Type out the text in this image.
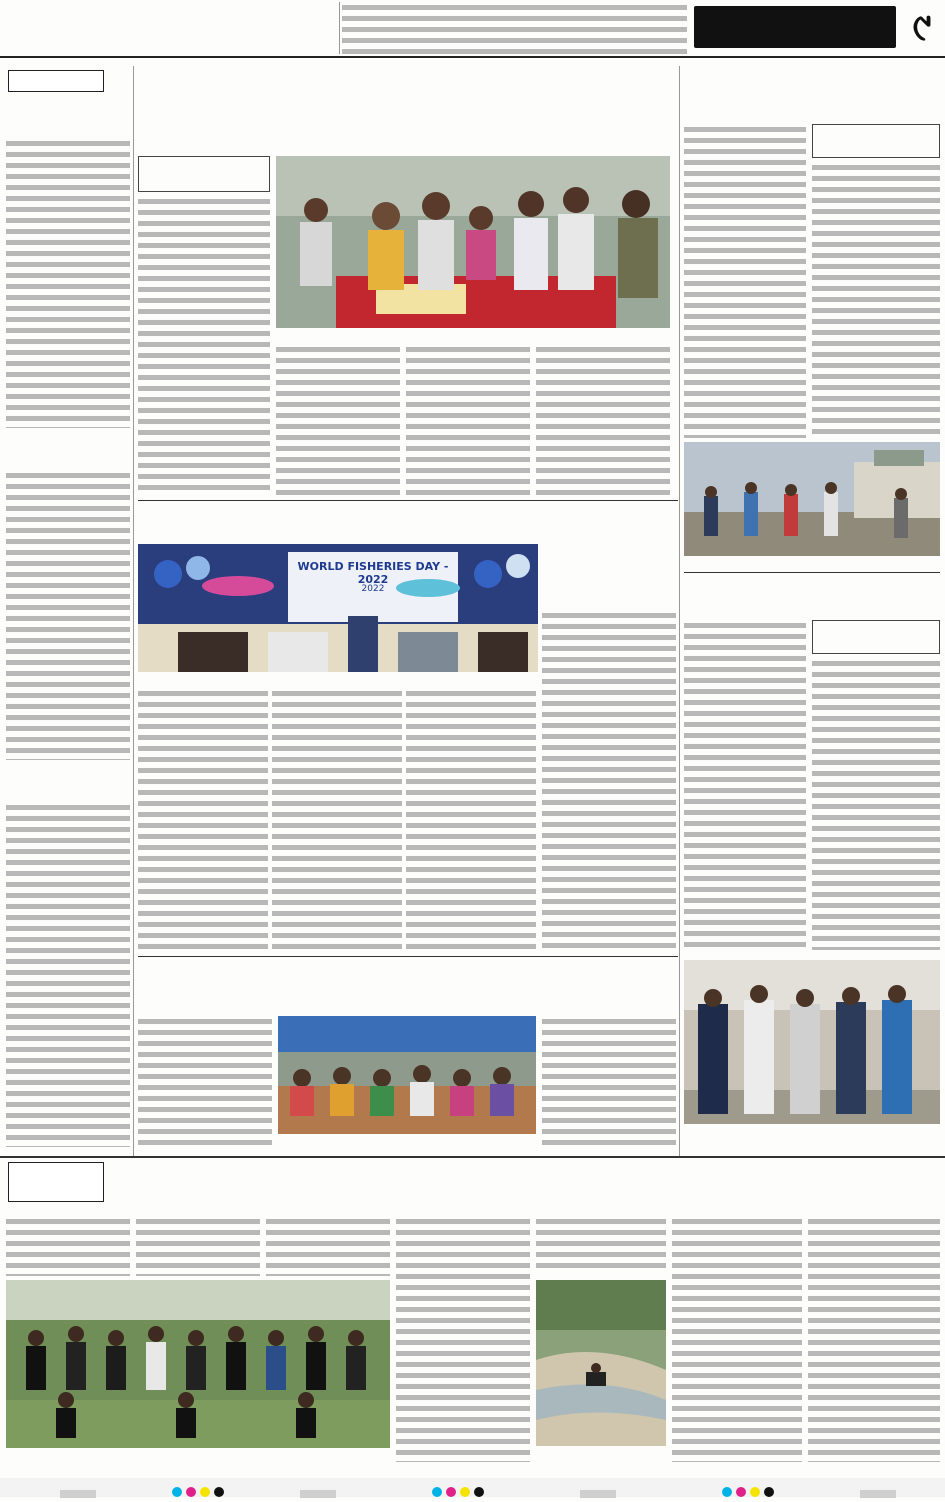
୯
WORLD FISHERIES DAY - 2022
2022
